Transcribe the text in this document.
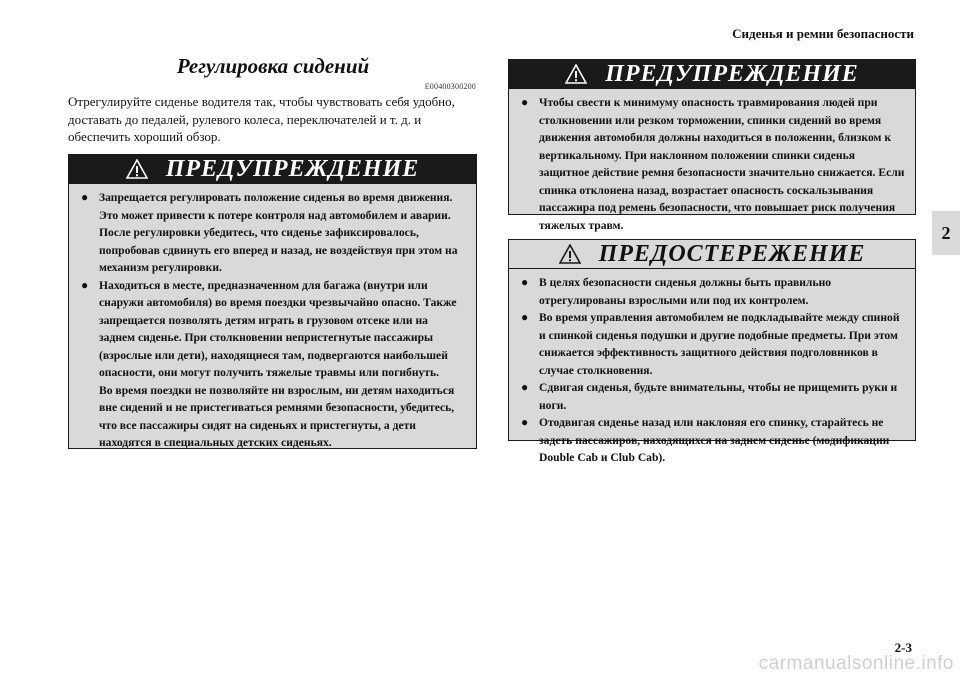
Сиденья и ремни безопасности
2
Регулировка сидений
E00400300200
Отрегулируйте сиденье водителя так, чтобы чувствовать себя удобно, доставать до педалей, рулевого колеса, переключателей и т. д. и обеспечить хороший обзор.
ПРЕДУПРЕЖДЕНИЕ
● Запрещается регулировать положение сиденья во время движения. Это может привести к потере контроля над автомобилем и аварии. После регулировки убедитесь, что сиденье зафиксировалось, попробовав сдвинуть его вперед и назад, не воздействуя при этом на механизм регулировки.
● Находиться в месте, предназначенном для багажа (внутри или снаружи автомобиля) во время поездки чрезвычайно опасно. Также запрещается позволять детям играть в грузовом отсеке или на заднем сиденье. При столкновении непристегнутые пассажиры (взрослые или дети), находящиеся там, подвергаются наибольшей опасности, они могут получить тяжелые травмы или погибнуть.
Во время поездки не позволяйте ни взрослым, ни детям находиться вне сидений и не пристегиваться ремнями безопасности, убедитесь, что все пассажиры сидят на сиденьях и пристегнуты, а дети находятся в специальных детских сиденьях.
ПРЕДУПРЕЖДЕНИЕ
● Чтобы свести к минимуму опасность травмирования людей при столкновении или резком торможении, спинки сидений во время движения автомобиля должны находиться в положении, близком к вертикальному. При наклонном положении спинки сиденья защитное действие ремня безопасности значительно снижается. Если спинка отклонена назад, возрастает опасность соскальзывания пассажира под ремень безопасности, что повышает риск получения тяжелых травм.
ПРЕДОСТЕРЕЖЕНИЕ
● В целях безопасности сиденья должны быть правильно отрегулированы взрослыми или под их контролем.
● Во время управления автомобилем не подкладывайте между спиной и спинкой сиденья подушки и другие подобные предметы. При этом снижается эффективность защитного действия подголовников в случае столкновения.
● Сдвигая сиденья, будьте внимательны, чтобы не прищемить руки и ноги.
● Отодвигая сиденье назад или наклоняя его спинку, старайтесь не задеть пассажиров, находящихся на заднем сиденье (модификации Double Cab и Club Cab).
2-3
carmanualsonline.info
